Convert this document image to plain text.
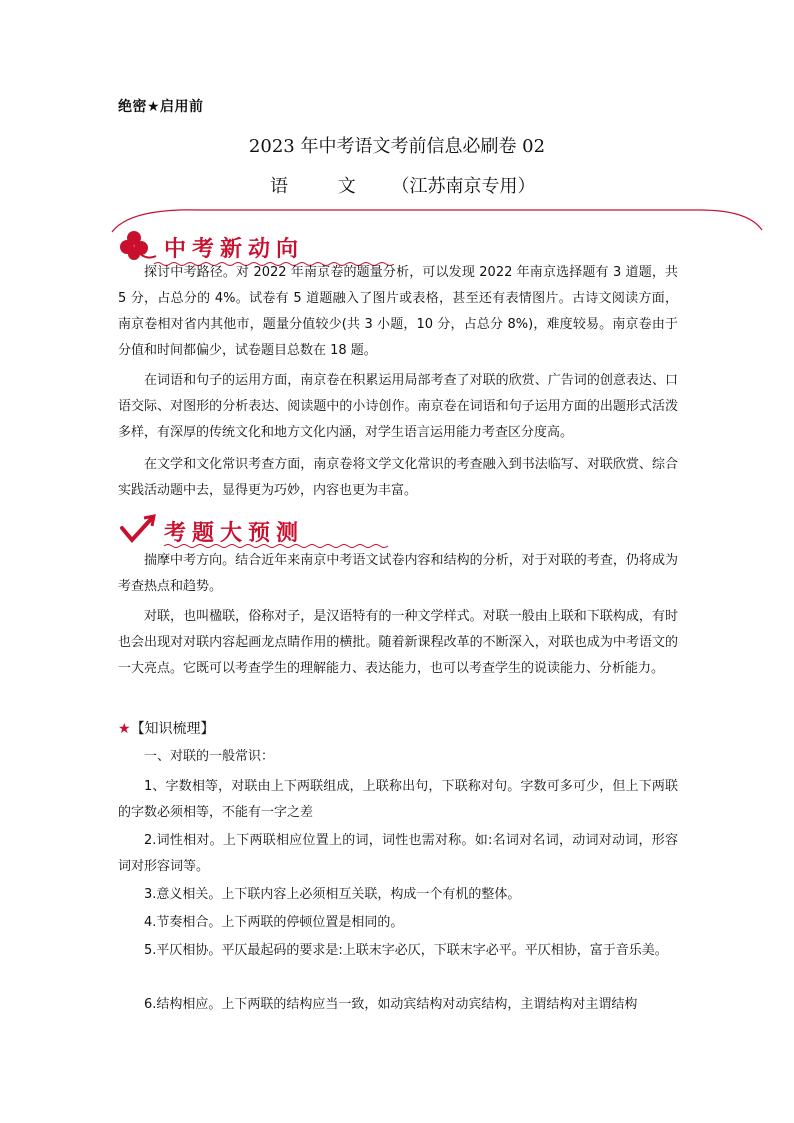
绝密★启用前
2023 年中考语文考前信息必刷卷 02
语 文 （江苏南京专用）
中考新动向
探讨中考路径。对 2022 年南京卷的题量分析，可以发现 2022 年南京选择题有 3 道题，共 5 分，占总分的 4%。试卷有 5 道题融入了图片或表格，甚至还有表情图片。古诗文阅读方面，南京卷相对省内其他市，题量分值较少(共 3 小题，10 分，占总分 8%)，难度较易。南京卷由于分值和时间都偏少，试卷题目总数在 18 题。
在词语和句子的运用方面，南京卷在积累运用局部考查了对联的欣赏、广告词的创意表达、口语交际、对图形的分析表达、阅读题中的小诗创作。南京卷在词语和句子运用方面的出题形式活泼多样，有深厚的传统文化和地方文化内涵，对学生语言运用能力考查区分度高。
在文学和文化常识考查方面，南京卷将文学文化常识的考查融入到书法临写、对联欣赏、综合实践活动题中去，显得更为巧妙，内容也更为丰富。
考题大预测
揣摩中考方向。结合近年来南京中考语文试卷内容和结构的分析，对于对联的考查，仍将成为考查热点和趋势。
对联，也叫楹联，俗称对子，是汉语特有的一种文学样式。对联一般由上联和下联构成，有时也会出现对对联内容起画龙点睛作用的横批。随着新课程改革的不断深入，对联也成为中考语文的一大亮点。它既可以考查学生的理解能力、表达能力，也可以考查学生的说读能力、分析能力。
★【知识梳理】
一、对联的一般常识：
1、字数相等，对联由上下两联组成，上联称出句，下联称对句。字数可多可少，但上下两联的字数必须相等，不能有一字之差
2.词性相对。上下两联相应位置上的词，词性也需对称。如:名词对名词，动词对动词，形容词对形容词等。
3.意义相关。上下联内容上必须相互关联，构成一个有机的整体。
4.节奏相合。上下两联的停顿位置是相同的。
5.平仄相协。平仄最起码的要求是:上联末字必仄，下联末字必平。平仄相协，富于音乐美。
6.结构相应。上下两联的结构应当一致，如动宾结构对动宾结构，主谓结构对主谓结构
